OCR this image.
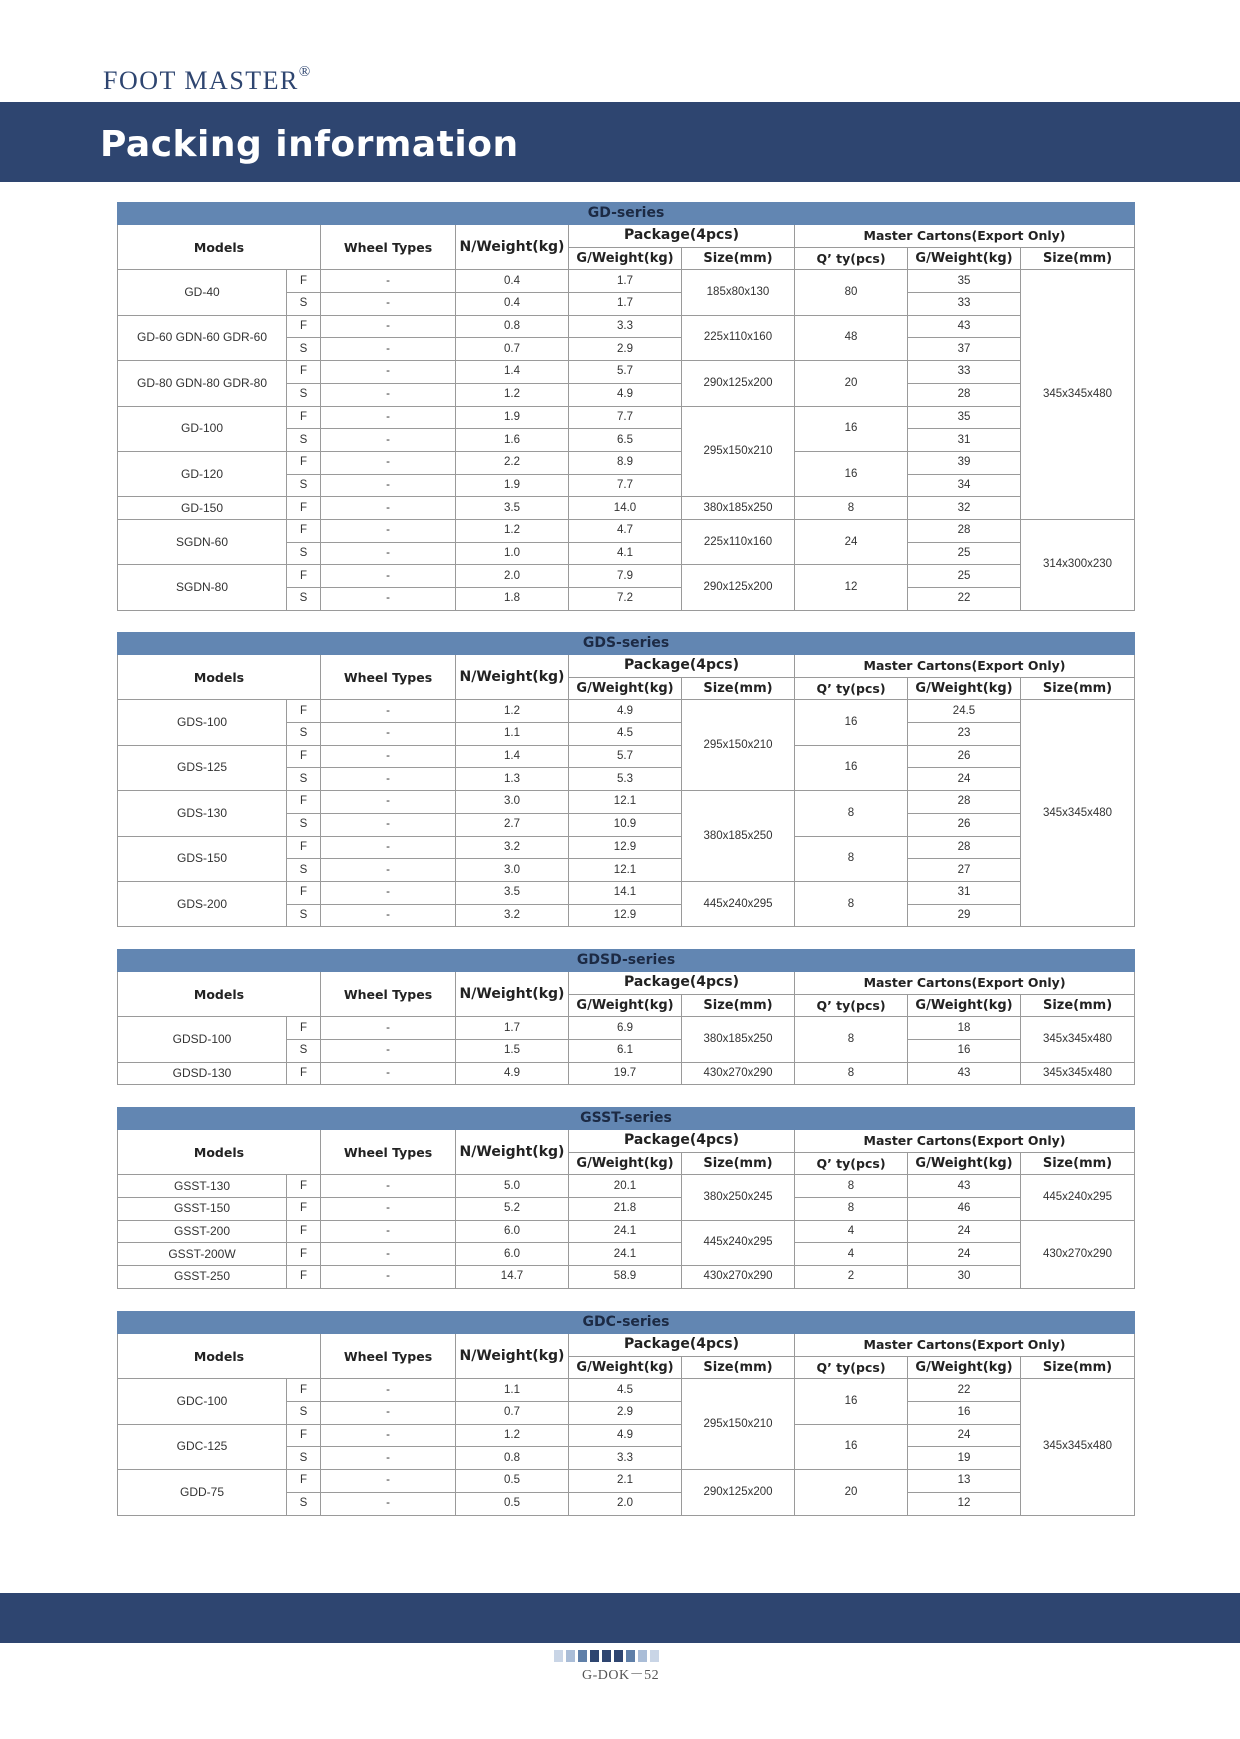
FOOT MASTER®
Packing information
GD-series								
Models		Wheel Types	N/Weight(kg)	Package(4pcs)		Master Cartons(Export Only)		
				G/Weight(kg)	Size(mm)	Q’ ty(pcs)	G/Weight(kg)	Size(mm)
GD-40	F	-	0.4	1.7	185x80x130	80	35	345x345x480
	S	-	0.4	1.7			33	
GD-60 GDN-60 GDR-60	F	-	0.8	3.3	225x110x160	48	43	
	S	-	0.7	2.9			37	
GD-80 GDN-80 GDR-80	F	-	1.4	5.7	290x125x200	20	33	
	S	-	1.2	4.9			28	
GD-100	F	-	1.9	7.7	295x150x210	16	35	
	S	-	1.6	6.5			31	
GD-120	F	-	2.2	8.9		16	39	
	S	-	1.9	7.7			34	
GD-150	F	-	3.5	14.0	380x185x250	8	32	
SGDN-60	F	-	1.2	4.7	225x110x160	24	28	314x300x230
	S	-	1.0	4.1			25	
SGDN-80	F	-	2.0	7.9	290x125x200	12	25	
	S	-	1.8	7.2			22	
GDS-series								
Models		Wheel Types	N/Weight(kg)	Package(4pcs)		Master Cartons(Export Only)		
				G/Weight(kg)	Size(mm)	Q’ ty(pcs)	G/Weight(kg)	Size(mm)
GDS-100	F	-	1.2	4.9	295x150x210	16	24.5	345x345x480
	S	-	1.1	4.5			23	
GDS-125	F	-	1.4	5.7		16	26	
	S	-	1.3	5.3			24	
GDS-130	F	-	3.0	12.1	380x185x250	8	28	
	S	-	2.7	10.9			26	
GDS-150	F	-	3.2	12.9		8	28	
	S	-	3.0	12.1			27	
GDS-200	F	-	3.5	14.1	445x240x295	8	31	
	S	-	3.2	12.9			29	
GDSD-series								
Models		Wheel Types	N/Weight(kg)	Package(4pcs)		Master Cartons(Export Only)		
				G/Weight(kg)	Size(mm)	Q’ ty(pcs)	G/Weight(kg)	Size(mm)
GDSD-100	F	-	1.7	6.9	380x185x250	8	18	345x345x480
	S	-	1.5	6.1			16	
GDSD-130	F	-	4.9	19.7	430x270x290	8	43	345x345x480
GSST-series								
Models		Wheel Types	N/Weight(kg)	Package(4pcs)		Master Cartons(Export Only)		
				G/Weight(kg)	Size(mm)	Q’ ty(pcs)	G/Weight(kg)	Size(mm)
GSST-130	F	-	5.0	20.1	380x250x245	8	43	445x240x295
GSST-150	F	-	5.2	21.8		8	46	
GSST-200	F	-	6.0	24.1	445x240x295	4	24	430x270x290
GSST-200W	F	-	6.0	24.1		4	24	
GSST-250	F	-	14.7	58.9	430x270x290	2	30	
GDC-series								
Models		Wheel Types	N/Weight(kg)	Package(4pcs)		Master Cartons(Export Only)		
				G/Weight(kg)	Size(mm)	Q’ ty(pcs)	G/Weight(kg)	Size(mm)
GDC-100	F	-	1.1	4.5	295x150x210	16	22	345x345x480
	S	-	0.7	2.9			16	
GDC-125	F	-	1.2	4.9		16	24	
	S	-	0.8	3.3			19	
GDD-75	F	-	0.5	2.1	290x125x200	20	13	
	S	-	0.5	2.0			12	
G-DOK－52
